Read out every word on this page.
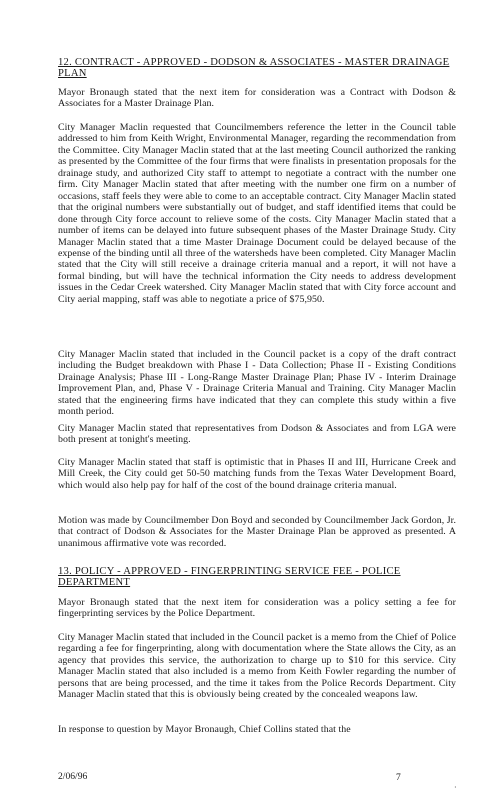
12. CONTRACT - APPROVED - DODSON & ASSOCIATES - MASTER DRAINAGE PLAN

Mayor Bronaugh stated that the next item for consideration was a Contract with Dodson & Associates for a Master Drainage Plan.

City Manager Maclin requested that Councilmembers reference the letter in the Council table addressed to him from Keith Wright, Environmental Manager, regarding the recommendation from the Committee. City Manager Maclin stated that at the last meeting Council authorized the ranking as presented by the Committee of the four firms that were finalists in presentation proposals for the drainage study, and authorized City staff to attempt to negotiate a contract with the number one firm. City Manager Maclin stated that after meeting with the number one firm on a number of occasions, staff feels they were able to come to an acceptable contract. City Manager Maclin stated that the original numbers were substantially out of budget, and staff identified items that could be done through City force account to relieve some of the costs. City Manager Maclin stated that a number of items can be delayed into future subsequent phases of the Master Drainage Study. City Manager Maclin stated that a time Master Drainage Document could be delayed because of the expense of the binding until all three of the watersheds have been completed. City Manager Maclin stated that the City will still receive a drainage criteria manual and a report, it will not have a formal binding, but will have the technical information the City needs to address development issues in the Cedar Creek watershed. City Manager Maclin stated that with City force account and City aerial mapping, staff was able to negotiate a price of $75,950.

City Manager Maclin stated that included in the Council packet is a copy of the draft contract including the Budget breakdown with Phase I - Data Collection; Phase II - Existing Conditions Drainage Analysis; Phase III - Long-Range Master Drainage Plan; Phase IV - Interim Drainage Improvement Plan, and, Phase V - Drainage Criteria Manual and Training. City Manager Maclin stated that the engineering firms have indicated that they can complete this study within a five month period.

City Manager Maclin stated that representatives from Dodson & Associates and from LGA were both present at tonight's meeting.

City Manager Maclin stated that staff is optimistic that in Phases II and III, Hurricane Creek and Mill Creek, the City could get 50-50 matching funds from the Texas Water Development Board, which would also help pay for half of the cost of the bound drainage criteria manual.

Motion was made by Councilmember Don Boyd and seconded by Councilmember Jack Gordon, Jr. that contract of Dodson & Associates for the Master Drainage Plan be approved as presented. A unanimous affirmative vote was recorded.

13. POLICY - APPROVED - FINGERPRINTING SERVICE FEE - POLICE DEPARTMENT

Mayor Bronaugh stated that the next item for consideration was a policy setting a fee for fingerprinting services by the Police Department.

City Manager Maclin stated that included in the Council packet is a memo from the Chief of Police regarding a fee for fingerprinting, along with documentation where the State allows the City, as an agency that provides this service, the authorization to charge up to $10 for this service. City Manager Maclin stated that also included is a memo from Keith Fowler regarding the number of persons that are being processed, and the time it takes from the Police Records Department. City Manager Maclin stated that this is obviously being created by the concealed weapons law.

In response to question by Mayor Bronaugh, Chief Collins stated that the

2/06/96	7

·
